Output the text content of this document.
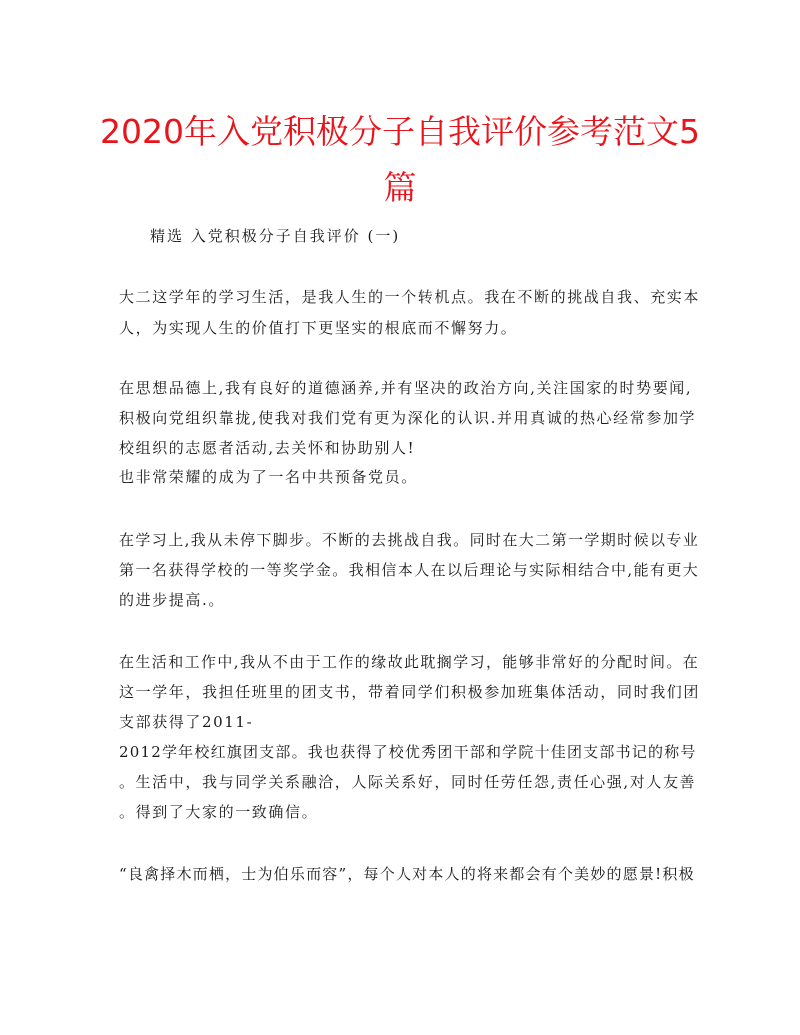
2020年入党积极分子自我评价参考范文5
篇
精选 入党积极分子自我评价 (一)
大二这学年的学习生活，是我人生的一个转机点。我在不断的挑战自我、充实本
人，为实现人生的价值打下更坚实的根底而不懈努力。
在思想品德上,我有良好的道德涵养,并有坚决的政治方向,关注国家的时势要闻,
积极向党组织靠拢,使我对我们党有更为深化的认识.并用真诚的热心经常参加学
校组织的志愿者活动,去关怀和协助别人!
也非常荣耀的成为了一名中共预备党员。
在学习上,我从未停下脚步。不断的去挑战自我。同时在大二第一学期时候以专业
第一名获得学校的一等奖学金。我相信本人在以后理论与实际相结合中,能有更大
的进步提高.。
在生活和工作中,我从不由于工作的缘故此耽搁学习，能够非常好的分配时间。在
这一学年，我担任班里的团支书，带着同学们积极参加班集体活动，同时我们团
支部获得了2011-
2012学年校红旗团支部。我也获得了校优秀团干部和学院十佳团支部书记的称号
。生活中，我与同学关系融洽，人际关系好，同时任劳任怨,责任心强,对人友善
。得到了大家的一致确信。
“良禽择木而栖，士为伯乐而容”，每个人对本人的将来都会有个美妙的愿景!积极
